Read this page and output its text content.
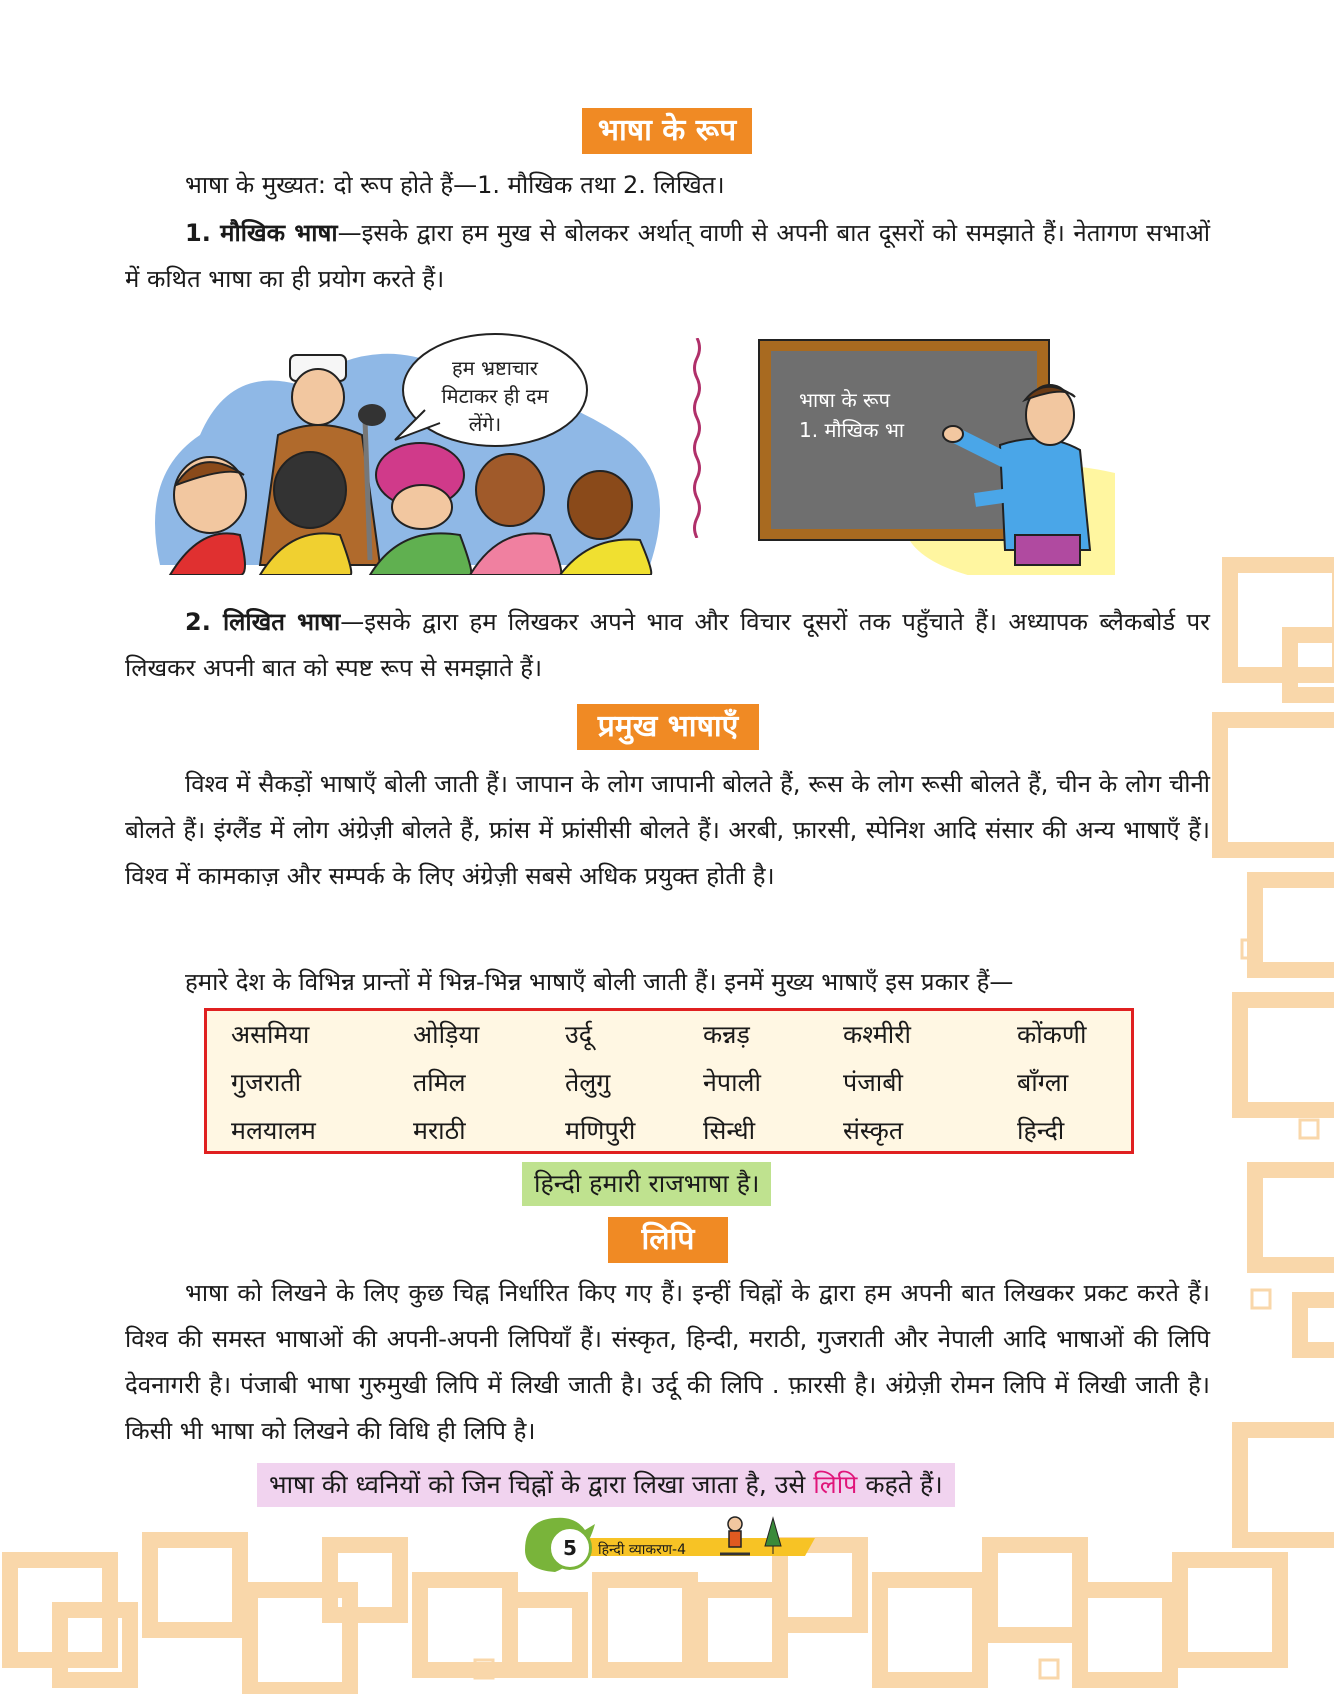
भाषा के रूप

भाषा के मुख्यत: दो रूप होते हैं—1. मौखिक तथा 2. लिखित।

1. मौखिक भाषा—इसके द्वारा हम मुख से बोलकर अर्थात् वाणी से अपनी बात दूसरों को समझाते हैं। नेतागण सभाओं में कथित भाषा का ही प्रयोग करते हैं।

हम भ्रष्टाचार
मिटाकर ही दम
लेंगे।
भाषा के रूप
1. मौखिक भा

2. लिखित भाषा—इसके द्वारा हम लिखकर अपने भाव और विचार दूसरों तक पहुँचाते हैं। अध्यापक ब्लैकबोर्ड पर लिखकर अपनी बात को स्पष्ट रूप से समझाते हैं।

प्रमुख भाषाएँ

विश्व में सैकड़ों भाषाएँ बोली जाती हैं। जापान के लोग जापानी बोलते हैं, रूस के लोग रूसी बोलते हैं, चीन के लोग चीनी बोलते हैं। इंग्लैंड में लोग अंग्रेज़ी बोलते हैं, फ्रांस में फ्रांसीसी बोलते हैं। अरबी, फ़ारसी, स्पेनिश आदि संसार की अन्य भाषाएँ हैं। विश्व में कामकाज़ और सम्पर्क के लिए अंग्रेज़ी सबसे अधिक प्रयुक्त होती है।

हमारे देश के विभिन्न प्रान्तों में भिन्न-भिन्न भाषाएँ बोली जाती हैं। इनमें मुख्य भाषाएँ इस प्रकार हैं—

असमिया	ओड़िया	उर्दू	कन्नड़	कश्मीरी	कोंकणी
गुजराती	तमिल	तेलुगु	नेपाली	पंजाबी	बाँग्ला
मलयालम	मराठी	मणिपुरी	सिन्धी	संस्कृत	हिन्दी
हिन्दी हमारी राजभाषा है।
लिपि

भाषा को लिखने के लिए कुछ चिह्न निर्धारित किए गए हैं। इन्हीं चिह्नों के द्वारा हम अपनी बात लिखकर प्रकट करते हैं। विश्व की समस्त भाषाओं की अपनी-अपनी लिपियाँ हैं। संस्कृत, हिन्दी, मराठी, गुजराती और नेपाली आदि भाषाओं की लिपि देवनागरी है। पंजाबी भाषा गुरुमुखी लिपि में लिखी जाती है। उर्दू की लिपि . फ़ारसी है। अंग्रेज़ी रोमन लिपि में लिखी जाती है। किसी भी भाषा को लिखने की विधि ही लिपि है।

भाषा की ध्वनियों को जिन चिह्नों के द्वारा लिखा जाता है, उसे लिपि कहते हैं।
5	हिन्दी व्याकरण-4
